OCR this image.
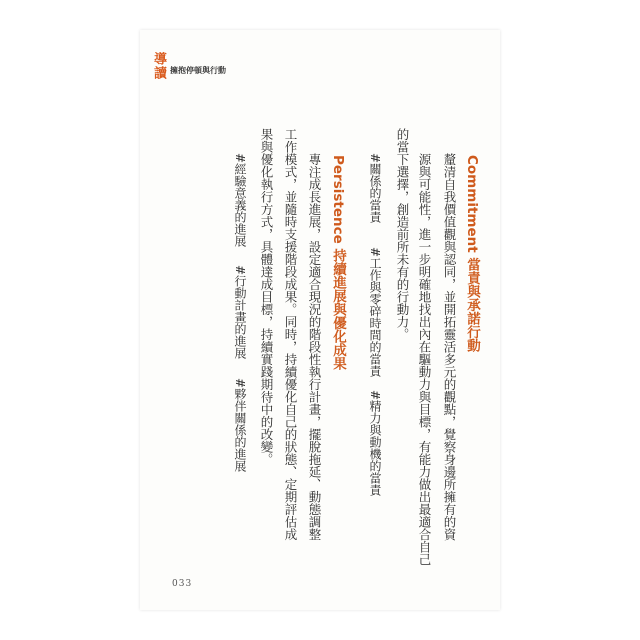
導讀 擁抱停頓與行動
Commitment 當責與承諾行動
釐清自我價值觀與認同，並開拓靈活多元的觀點，覺察身邊所擁有的資
源與可能性，進一步明確地找出內在驅動力與目標，有能力做出最適合自己
的當下選擇，創造前所未有的行動力。
#關係的當責
#工作與零碎時間的當責
#精力與動機的當責
Persistence 持續進展與優化成果
專注成長進展，設定適合現況的階段性執行計畫，擺脫拖延、動態調整
工作模式，並隨時支援階段成果。同時，持續優化自己的狀態、定期評估成
果與優化執行方式，具體達成目標，持續實踐期待中的改變。
#經驗意義的進展
#行動計畫的進展
#夥伴關係的進展
033
